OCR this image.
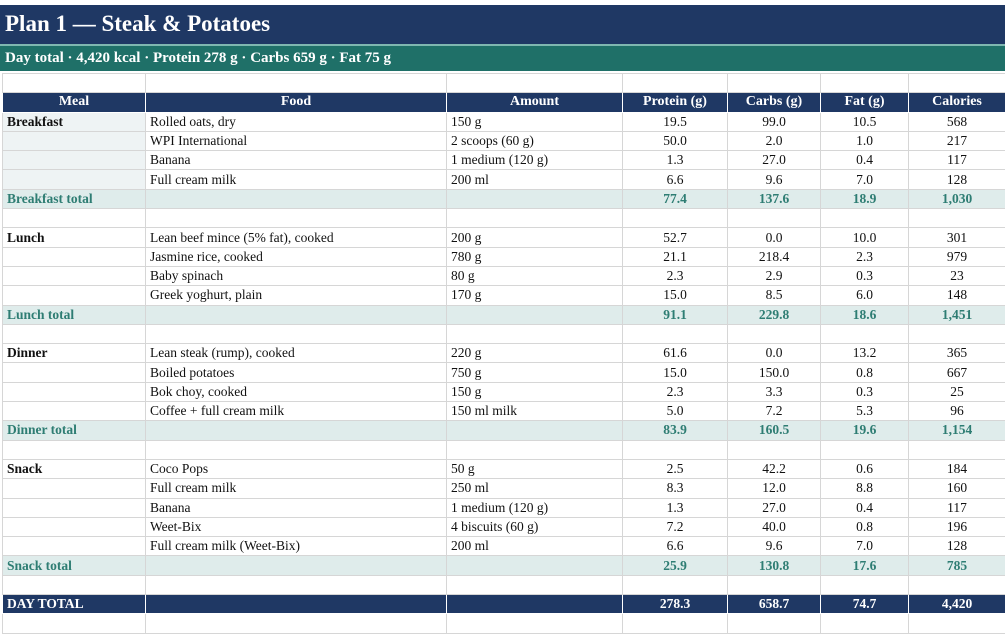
Plan 1 — Steak & Potatoes
Day total · 4,420 kcal · Protein 278 g · Carbs 659 g · Fat 75 g

Meal	Food	Amount	Protein (g)	Carbs (g)	Fat (g)	Calories
Breakfast	Rolled oats, dry	150 g	19.5	99.0	10.5	568
	WPI International	2 scoops (60 g)	50.0	2.0	1.0	217
	Banana	1 medium (120 g)	1.3	27.0	0.4	117
	Full cream milk	200 ml	6.6	9.6	7.0	128
Breakfast total			77.4	137.6	18.9	1,030

Lunch	Lean beef mince (5% fat), cooked	200 g	52.7	0.0	10.0	301
	Jasmine rice, cooked	780 g	21.1	218.4	2.3	979
	Baby spinach	80 g	2.3	2.9	0.3	23
	Greek yoghurt, plain	170 g	15.0	8.5	6.0	148
Lunch total			91.1	229.8	18.6	1,451

Dinner	Lean steak (rump), cooked	220 g	61.6	0.0	13.2	365
	Boiled potatoes	750 g	15.0	150.0	0.8	667
	Bok choy, cooked	150 g	2.3	3.3	0.3	25
	Coffee + full cream milk	150 ml milk	5.0	7.2	5.3	96
Dinner total			83.9	160.5	19.6	1,154

Snack	Coco Pops	50 g	2.5	42.2	0.6	184
	Full cream milk	250 ml	8.3	12.0	8.8	160
	Banana	1 medium (120 g)	1.3	27.0	0.4	117
	Weet-Bix	4 biscuits (60 g)	7.2	40.0	0.8	196
	Full cream milk (Weet-Bix)	200 ml	6.6	9.6	7.0	128
Snack total			25.9	130.8	17.6	785

DAY TOTAL			278.3	658.7	74.7	4,420
